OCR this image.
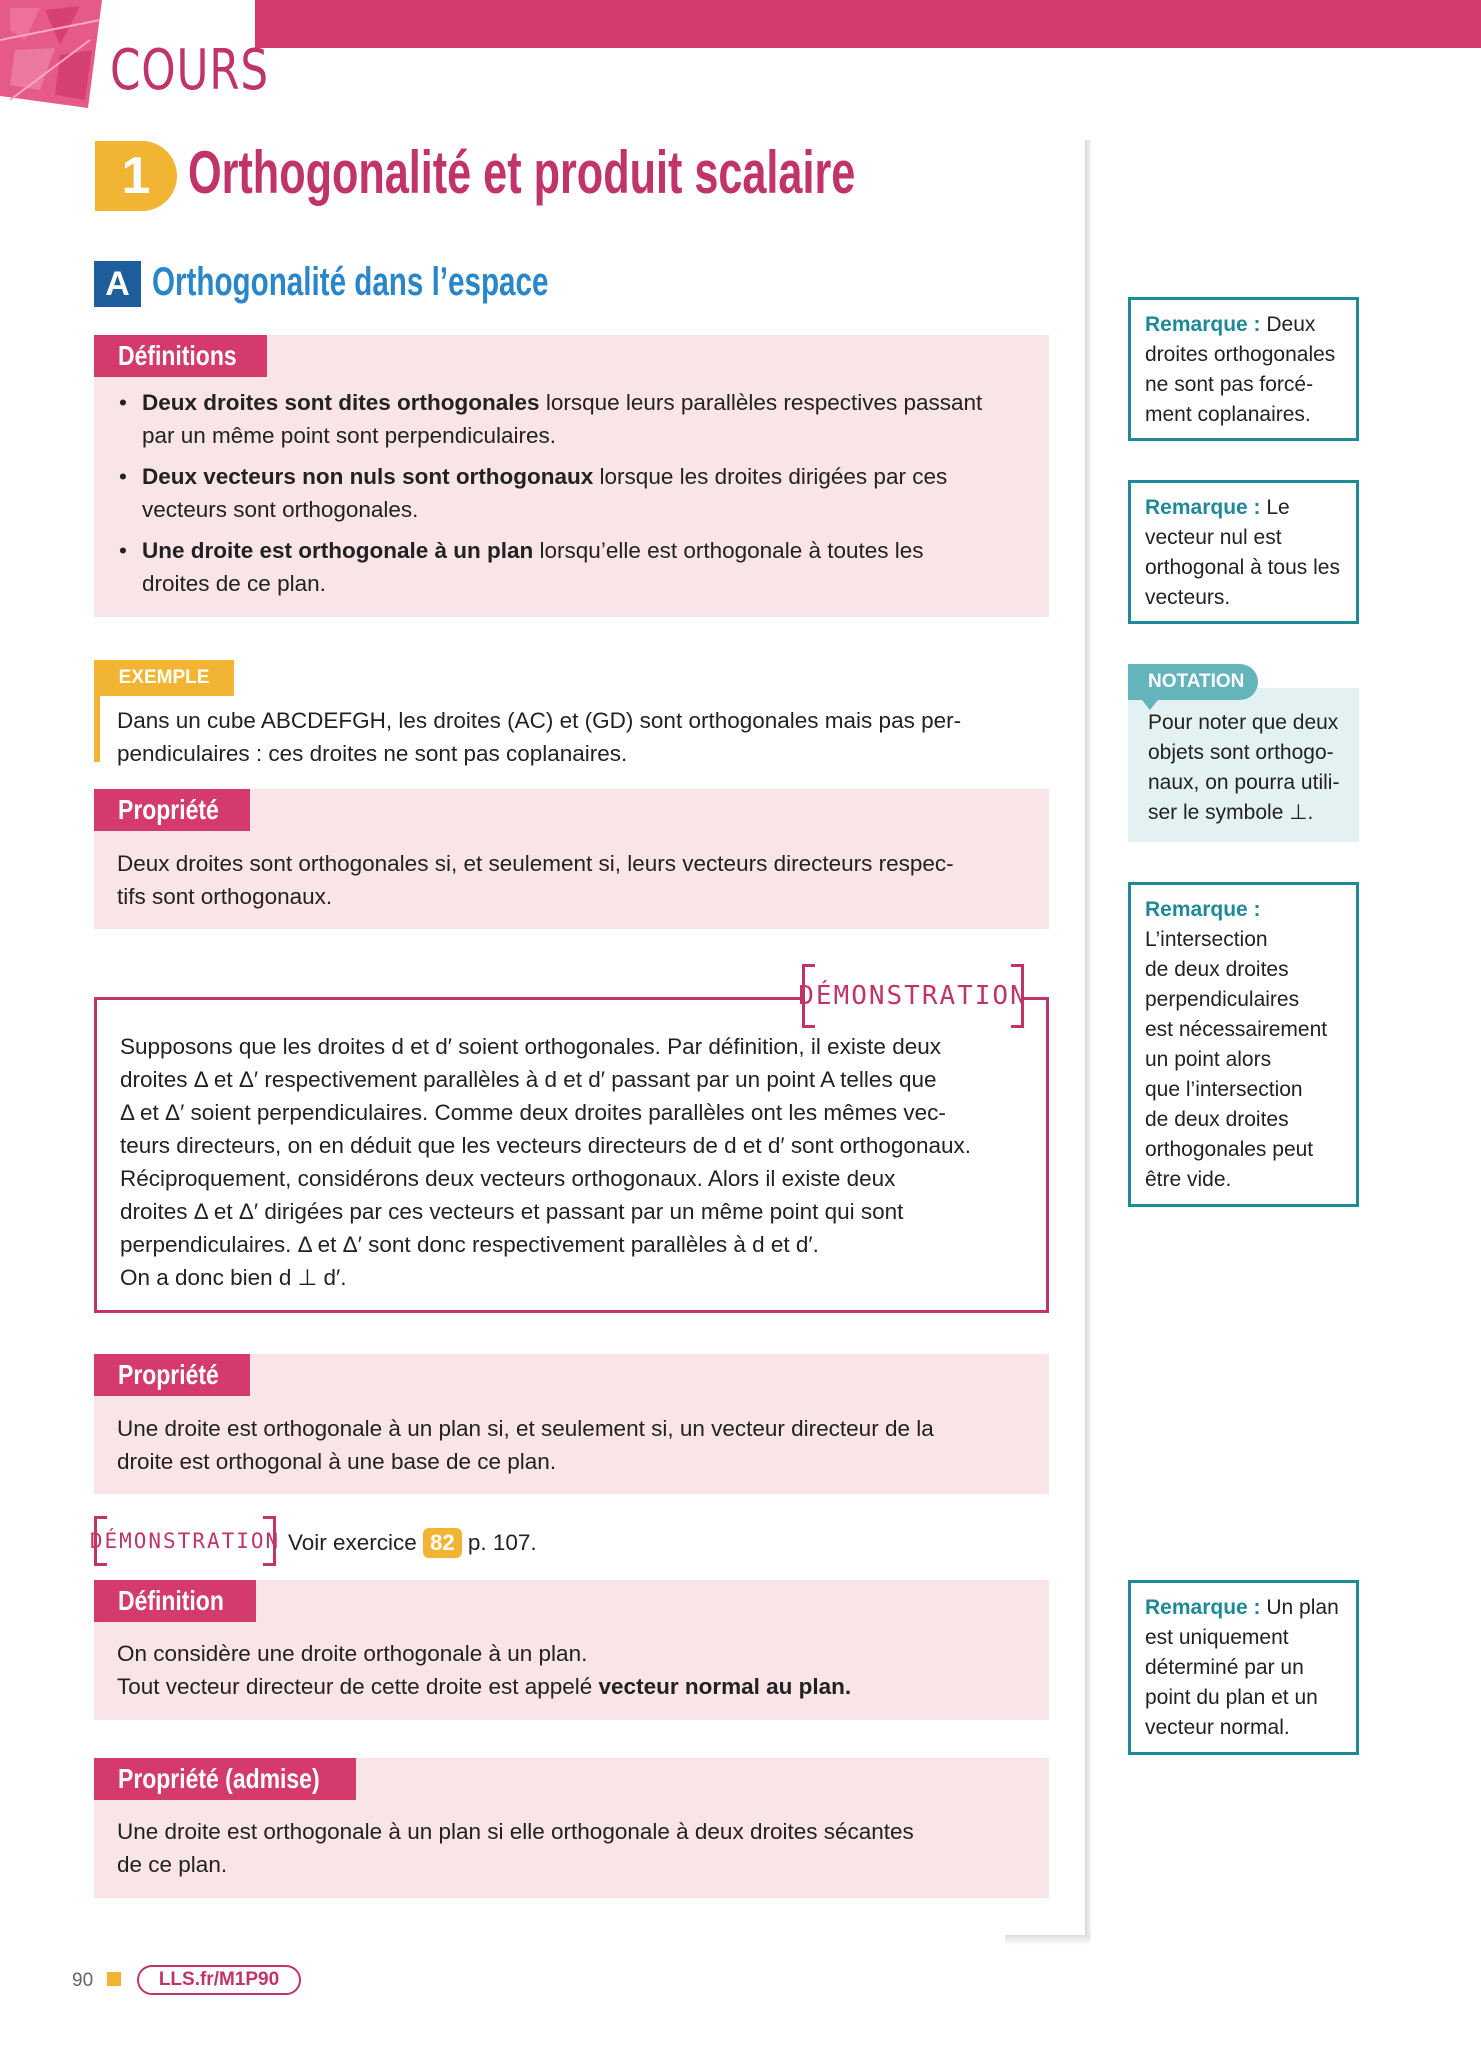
COURS
1 Orthogonalité et produit scalaire
A Orthogonalité dans l’espace
Définitions
• Deux droites sont dites orthogonales lorsque leurs parallèles respectives passant
par un même point sont perpendiculaires.
• Deux vecteurs non nuls sont orthogonaux lorsque les droites dirigées par ces
vecteurs sont orthogonales.
• Une droite est orthogonale à un plan lorsqu’elle est orthogonale à toutes les
droites de ce plan.
EXEMPLE

Dans un cube ABCDEFGH, les droites (AC) et (GD) sont orthogonales mais pas per-

pendiculaires : ces droites ne sont pas coplanaires.

Propriété

Deux droites sont orthogonales si, et seulement si, leurs vecteurs directeurs respec-

tifs sont orthogonaux.

DÉMONSTRATION

Supposons que les droites d et d′ soient orthogonales. Par définition, il existe deux

droites Δ et Δ′ respectivement parallèles à d et d′ passant par un point A telles que

Δ et Δ′ soient perpendiculaires. Comme deux droites parallèles ont les mêmes vec-

teurs directeurs, on en déduit que les vecteurs directeurs de d et d′ sont orthogonaux.

Réciproquement, considérons deux vecteurs orthogonaux. Alors il existe deux

droites Δ et Δ′ dirigées par ces vecteurs et passant par un même point qui sont

perpendiculaires. Δ et Δ′ sont donc respectivement parallèles à d et d′.

On a donc bien d ⊥ d′.

Propriété

Une droite est orthogonale à un plan si, et seulement si, un vecteur directeur de la

droite est orthogonal à une base de ce plan.

DÉMONSTRATION Voir exercice 82 p. 107.
Définition

On considère une droite orthogonale à un plan.

Tout vecteur directeur de cette droite est appelé vecteur normal au plan.

Propriété (admise)

Une droite est orthogonale à un plan si elle orthogonale à deux droites sécantes

de ce plan.

Remarque : Deux
droites orthogonales
ne sont pas forcé-
ment coplanaires.
Remarque : Le
vecteur nul est
orthogonal à tous les
vecteurs.
Pour noter que deux
objets sont orthogo-
naux, on pourra utili-
ser le symbole ⊥.
NOTATION
Remarque :
L’intersection
de deux droites
perpendiculaires
est nécessairement
un point alors
que l’intersection
de deux droites
orthogonales peut
être vide.
Remarque : Un plan
est uniquement
déterminé par un
point du plan et un
vecteur normal.
90	LLS.fr/M1P90
